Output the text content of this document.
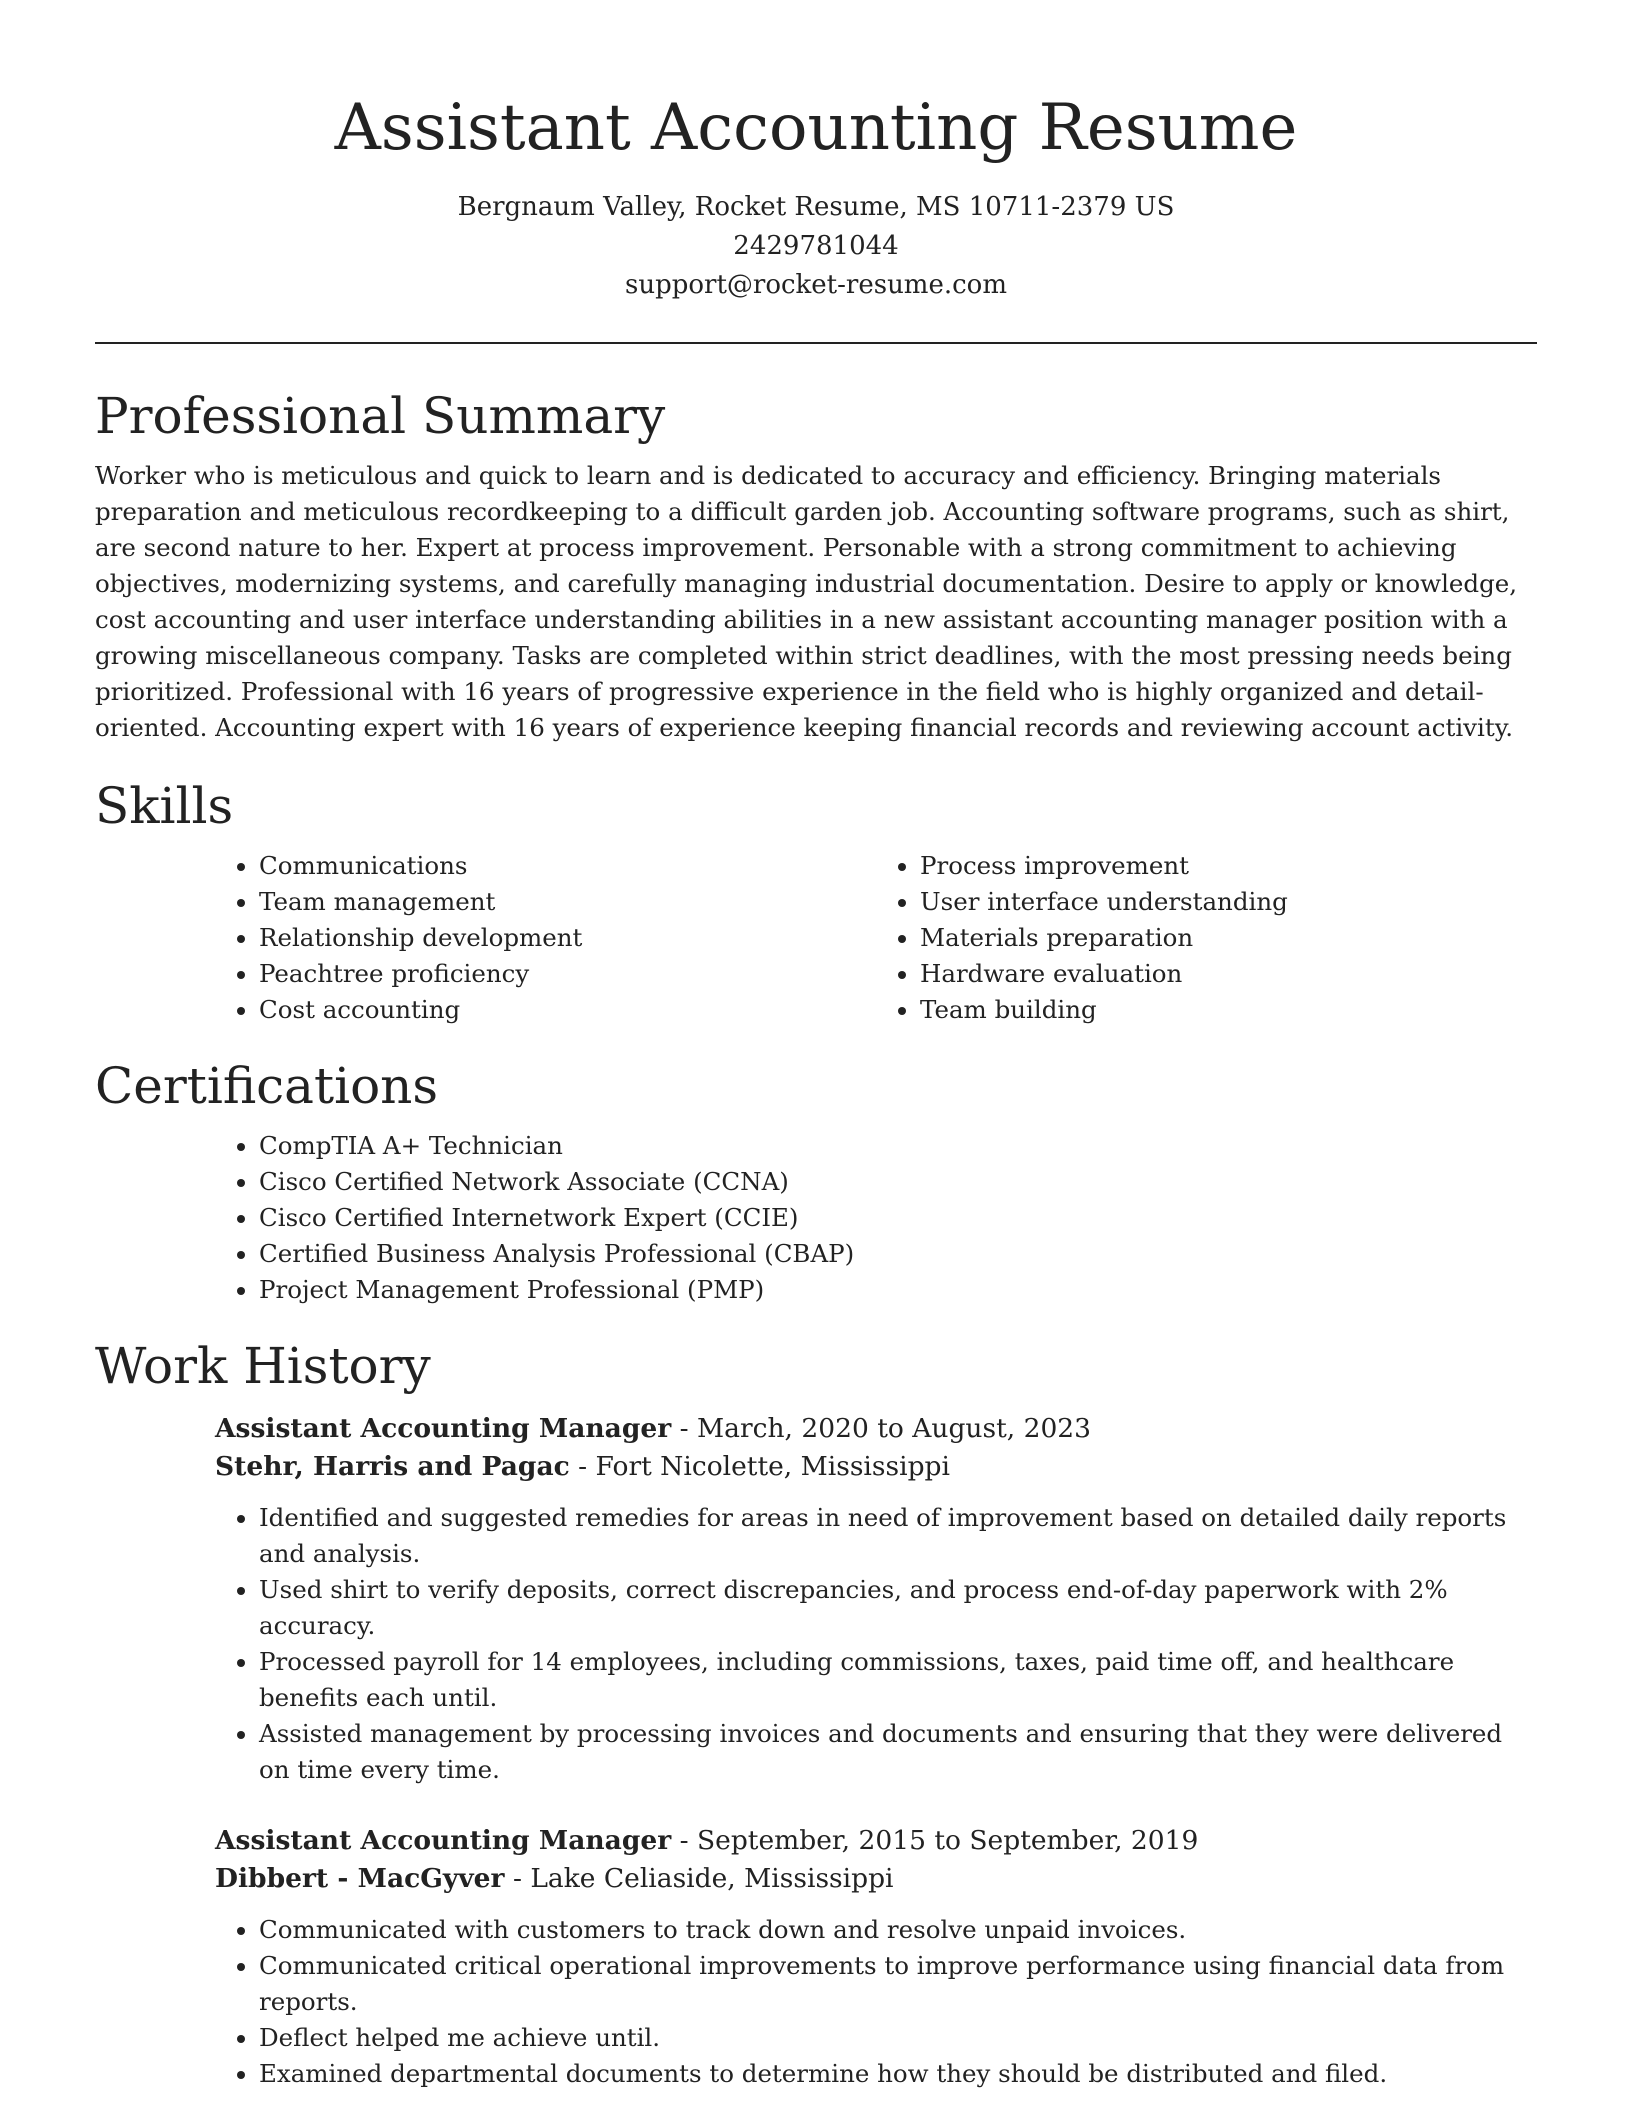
Assistant Accounting Resume
Bergnaum Valley, Rocket Resume, MS 10711-2379 US
2429781044
support@rocket-resume.com
Professional Summary

Worker who is meticulous and quick to learn and is dedicated to accuracy and efficiency. Bringing materials preparation and meticulous recordkeeping to a difficult garden job. Accounting software programs, such as shirt, are second nature to her. Expert at process improvement. Personable with a strong commitment to achieving objectives, modernizing systems, and carefully managing industrial documentation. Desire to apply or knowledge, cost accounting and user interface understanding abilities in a new assistant accounting manager position with a growing miscellaneous company. Tasks are completed within strict deadlines, with the most pressing needs being prioritized. Professional with 16 years of progressive experience in the field who is highly organized and detail-oriented. Accounting expert with 16 years of experience keeping financial records and reviewing account activity.

Skills
• Communications
• Team management
• Relationship development
• Peachtree proficiency
• Cost accounting
• Process improvement
• User interface understanding
• Materials preparation
• Hardware evaluation
• Team building
Certifications
• CompTIA A+ Technician
• Cisco Certified Network Associate (CCNA)
• Cisco Certified Internetwork Expert (CCIE)
• Certified Business Analysis Professional (CBAP)
• Project Management Professional (PMP)
Work History
Assistant Accounting Manager - March, 2020 to August, 2023
Stehr, Harris and Pagac - Fort Nicolette, Mississippi
• Identified and suggested remedies for areas in need of improvement based on detailed daily reports and analysis.
• Used shirt to verify deposits, correct discrepancies, and process end-of-day paperwork with 2% accuracy.
• Processed payroll for 14 employees, including commissions, taxes, paid time off, and healthcare benefits each until.
• Assisted management by processing invoices and documents and ensuring that they were delivered on time every time.
Assistant Accounting Manager - September, 2015 to September, 2019
Dibbert - MacGyver - Lake Celiaside, Mississippi
• Communicated with customers to track down and resolve unpaid invoices.
• Communicated critical operational improvements to improve performance using financial data from reports.
• Deflect helped me achieve until.
• Examined departmental documents to determine how they should be distributed and filed.
